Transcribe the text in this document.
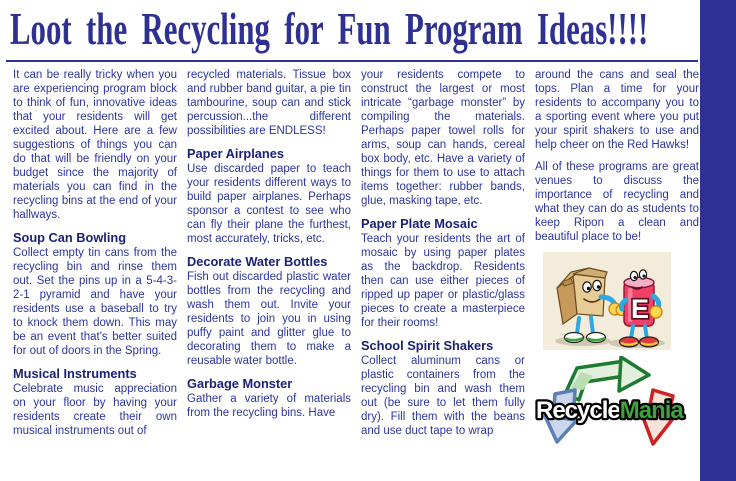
Loot the Recycling for Fun Program Ideas!!!!

It can be really tricky when you are experiencing program block to think of fun, innovative ideas that your residents will get excited about. Here are a few suggestions of things you can do that will be friendly on your budget since the majority of materials you can find in the recycling bins at the end of your hallways.

Soup Can Bowling

Collect empty tin cans from the recycling bin and rinse them out. Set the pins up in a 5-4-3-2-1 pyramid and have your residents use a baseball to try to knock them down. This may be an event that's better suited for out of doors in the Spring.

Musical Instruments

Celebrate music appreciation on your floor by having your residents create their own musical instruments out of

recycled materials. Tissue box and rubber band guitar, a pie tin tambourine, soup can and stick percussion...the different possibilities are ENDLESS!

Paper Airplanes

Use discarded paper to teach your residents different ways to build paper airplanes. Perhaps sponsor a contest to see who can fly their plane the furthest, most accurately, tricks, etc.

Decorate Water Bottles

Fish out discarded plastic water bottles from the recycling and wash them out. Invite your residents to join you in using puffy paint and glitter glue to decorating them to make a reusable water bottle.

Garbage Monster

Gather a variety of materials from the recycling bins. Have

your residents compete to construct the largest or most intricate “garbage monster” by compiling the materials. Perhaps paper towel rolls for arms, soup can hands, cereal box body, etc. Have a variety of things for them to use to attach items together: rubber bands, glue, masking tape, etc.

Paper Plate Mosaic

Teach your residents the art of mosaic by using paper plates as the backdrop. Residents then can use either pieces of ripped up paper or plastic/glass pieces to create a masterpiece for their rooms!

School Spirit Shakers

Collect aluminum cans or plastic containers from the recycling bin and wash them out (be sure to let them fully dry). Fill them with the beans and use duct tape to wrap

around the cans and seal the tops. Plan a time for your residents to accompany you to a sporting event where you put your spirit shakers to use and help cheer on the Red Hawks!

All of these programs are great venues to discuss the importance of recycling and what they can do as students to keep Ripon a clean and beautiful place to be!

E
RecycleMania
